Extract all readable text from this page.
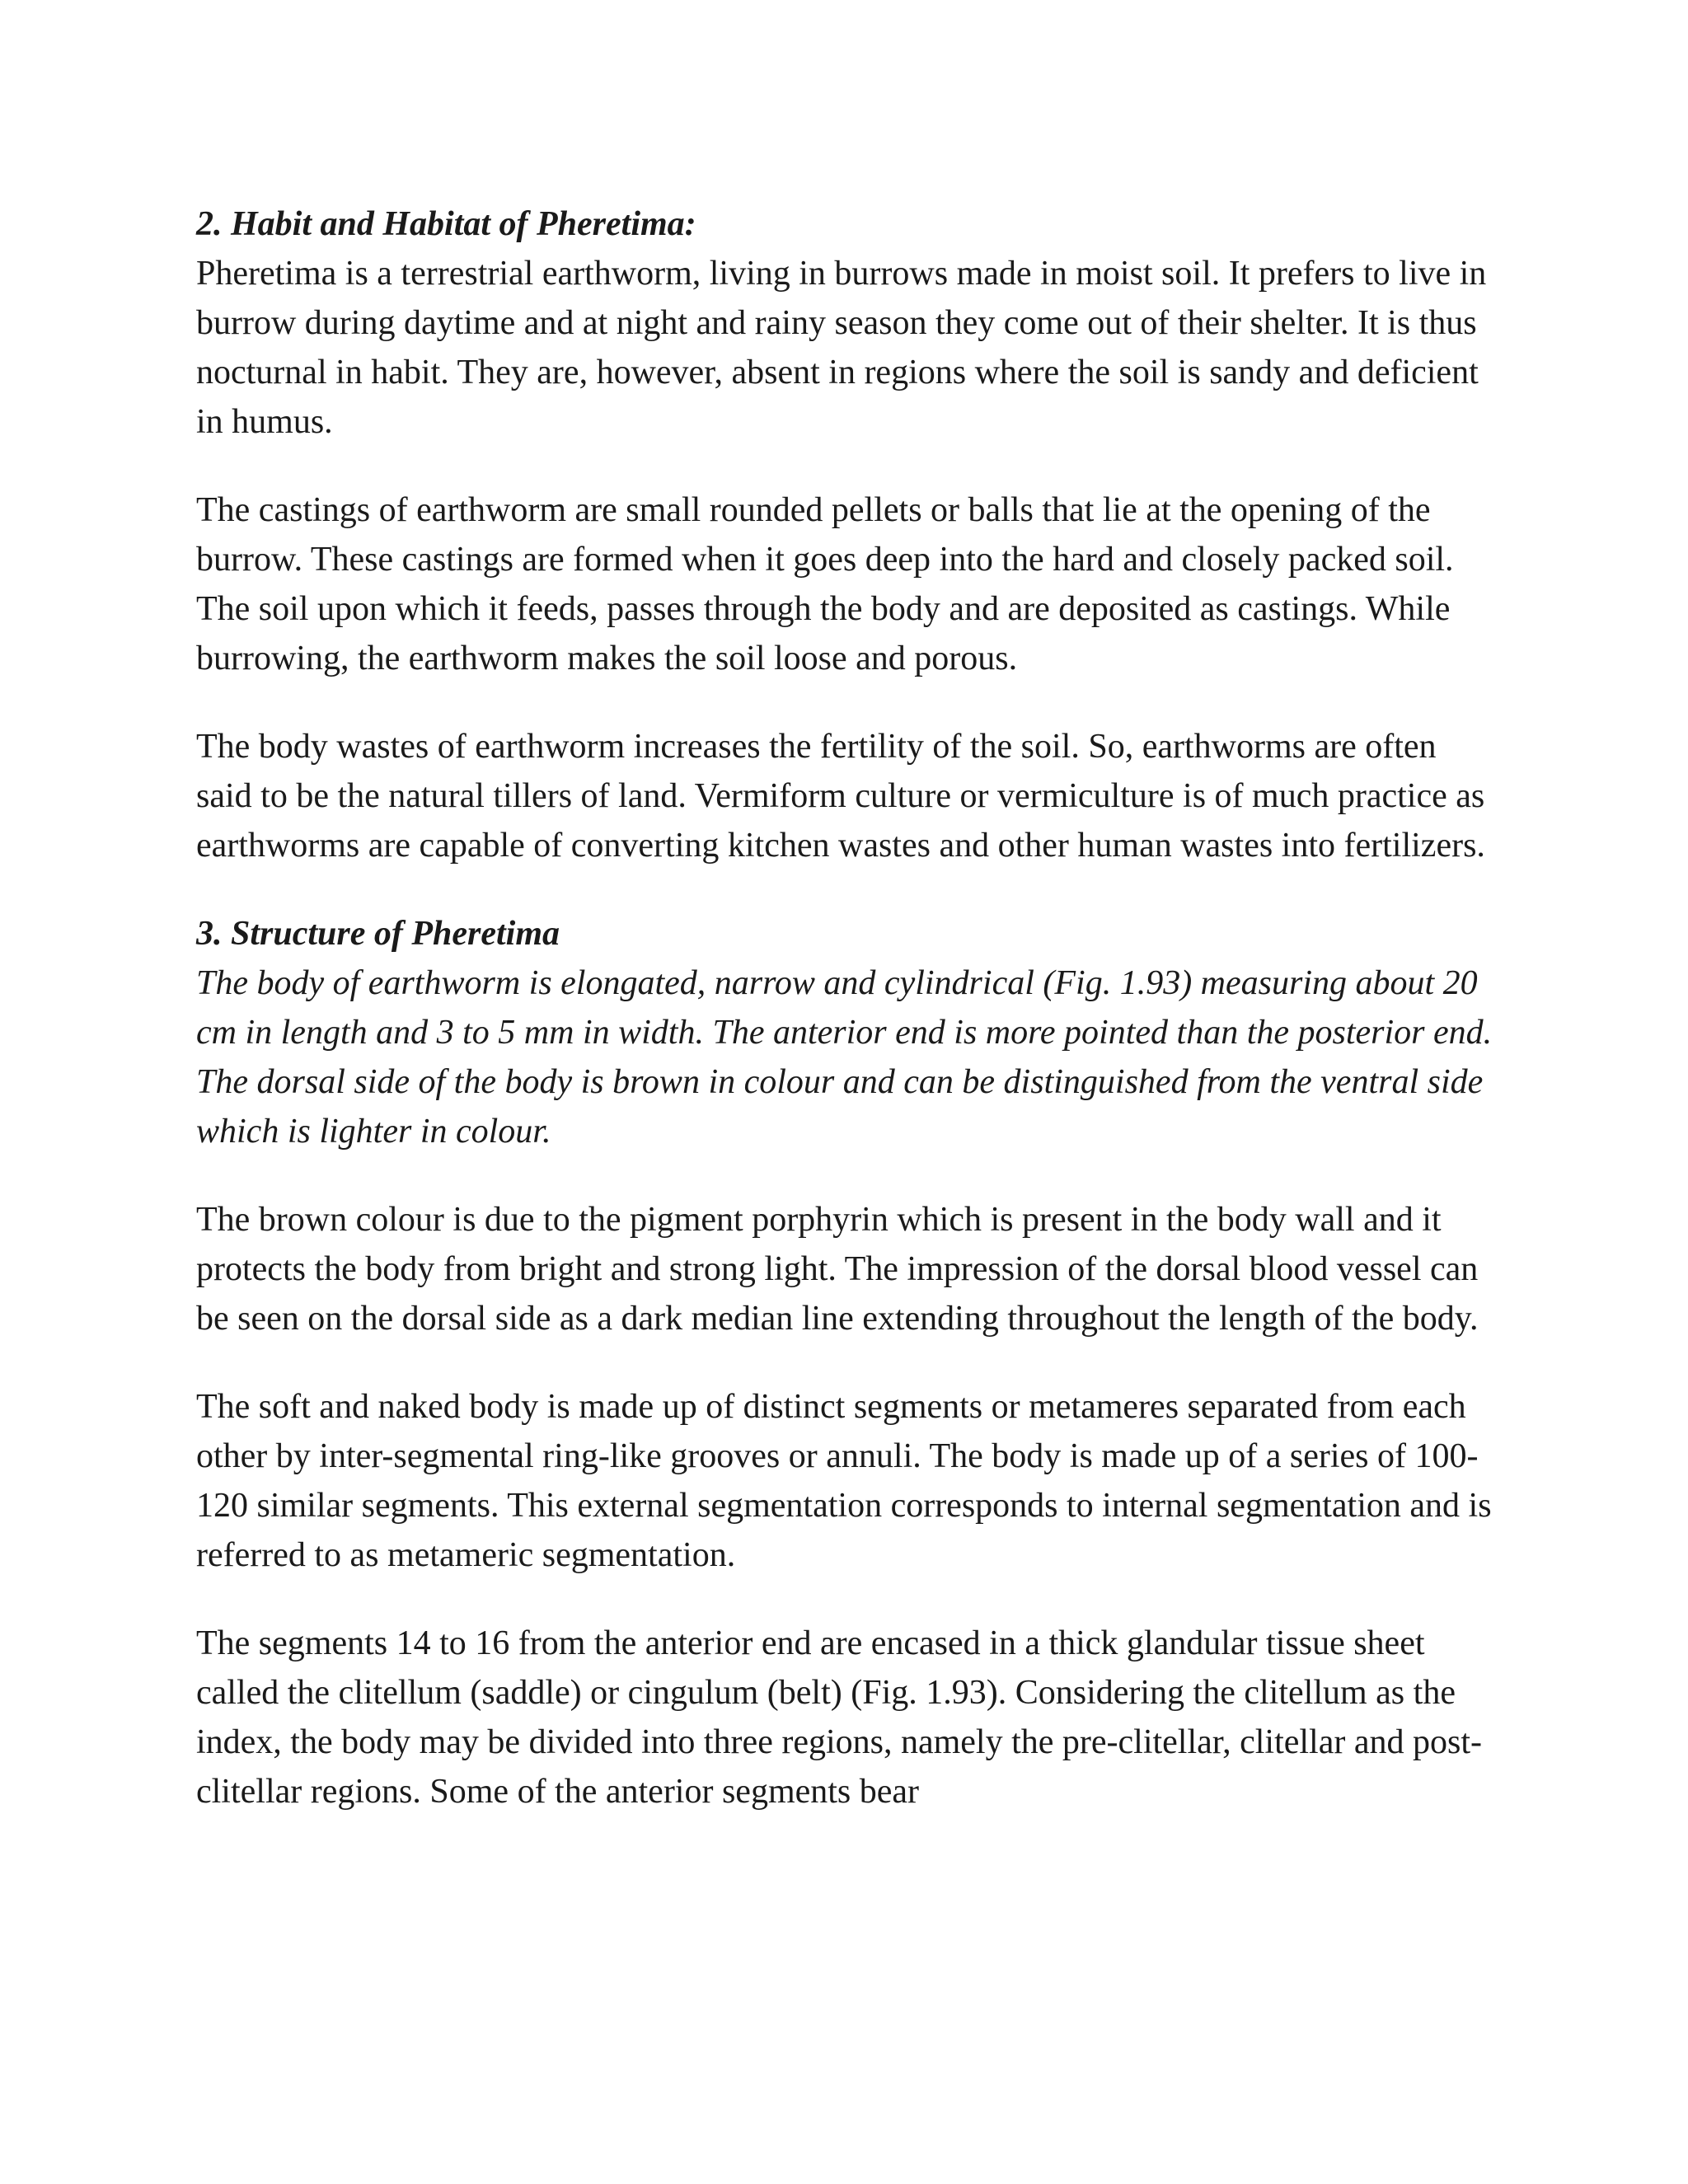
2. Habit and Habitat of Pheretima:

Pheretima is a terrestrial earthworm, living in burrows made in moist soil. It prefers to live in burrow during daytime and at night and rainy season they come out of their shelter. It is thus nocturnal in habit. They are, however, absent in regions where the soil is sandy and deficient in humus.

The castings of earthworm are small rounded pellets or balls that lie at the opening of the burrow. These castings are formed when it goes deep into the hard and closely packed soil. The soil upon which it feeds, passes through the body and are deposited as castings. While burrowing, the earthworm makes the soil loose and porous.

The body wastes of earthworm increases the fertility of the soil. So, earthworms are often said to be the natural tillers of land. Vermiform culture or vermiculture is of much practice as earthworms are capable of converting kitchen wastes and other human wastes into fertilizers.

3. Structure of Pheretima

The body of earthworm is elongated, narrow and cylindrical (Fig. 1.93) measuring about 20 cm in length and 3 to 5 mm in width. The anterior end is more pointed than the posterior end. The dorsal side of the body is brown in colour and can be distinguished from the ventral side which is lighter in colour.

The brown colour is due to the pigment porphyrin which is present in the body wall and it protects the body from bright and strong light. The impression of the dorsal blood vessel can be seen on the dorsal side as a dark median line extending throughout the length of the body.

The soft and naked body is made up of distinct segments or metameres separated from each other by inter-segmental ring-like grooves or annuli. The body is made up of a series of 100-120 similar segments. This external segmentation corresponds to internal segmentation and is referred to as metameric segmentation.

The segments 14 to 16 from the anterior end are encased in a thick glandular tissue sheet called the clitellum (saddle) or cingulum (belt) (Fig. 1.93). Considering the clitellum as the index, the body may be divided into three regions, namely the pre-clitellar, clitellar and post- clitellar regions. Some of the anterior segments bear
